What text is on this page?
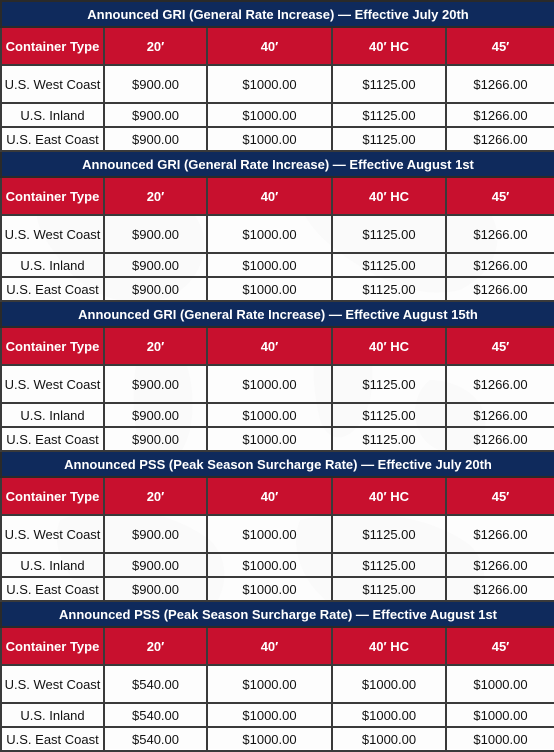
Announced GRI (General Rate Increase) — Effective July 20th				
Container Type	20′	40′	40′ HC	45′
U.S. West Coast	$900.00	$1000.00	$1125.00	$1266.00
U.S. Inland	$900.00	$1000.00	$1125.00	$1266.00
U.S. East Coast	$900.00	$1000.00	$1125.00	$1266.00
Announced GRI (General Rate Increase) — Effective August 1st				
Container Type	20′	40′	40′ HC	45′
U.S. West Coast	$900.00	$1000.00	$1125.00	$1266.00
U.S. Inland	$900.00	$1000.00	$1125.00	$1266.00
U.S. East Coast	$900.00	$1000.00	$1125.00	$1266.00
Announced GRI (General Rate Increase) — Effective August 15th				
Container Type	20′	40′	40′ HC	45′
U.S. West Coast	$900.00	$1000.00	$1125.00	$1266.00
U.S. Inland	$900.00	$1000.00	$1125.00	$1266.00
U.S. East Coast	$900.00	$1000.00	$1125.00	$1266.00
Announced PSS (Peak Season Surcharge Rate) — Effective July 20th				
Container Type	20′	40′	40′ HC	45′
U.S. West Coast	$900.00	$1000.00	$1125.00	$1266.00
U.S. Inland	$900.00	$1000.00	$1125.00	$1266.00
U.S. East Coast	$900.00	$1000.00	$1125.00	$1266.00
Announced PSS (Peak Season Surcharge Rate) — Effective August 1st				
Container Type	20′	40′	40′ HC	45′
U.S. West Coast	$540.00	$1000.00	$1000.00	$1000.00
U.S. Inland	$540.00	$1000.00	$1000.00	$1000.00
U.S. East Coast	$540.00	$1000.00	$1000.00	$1000.00
